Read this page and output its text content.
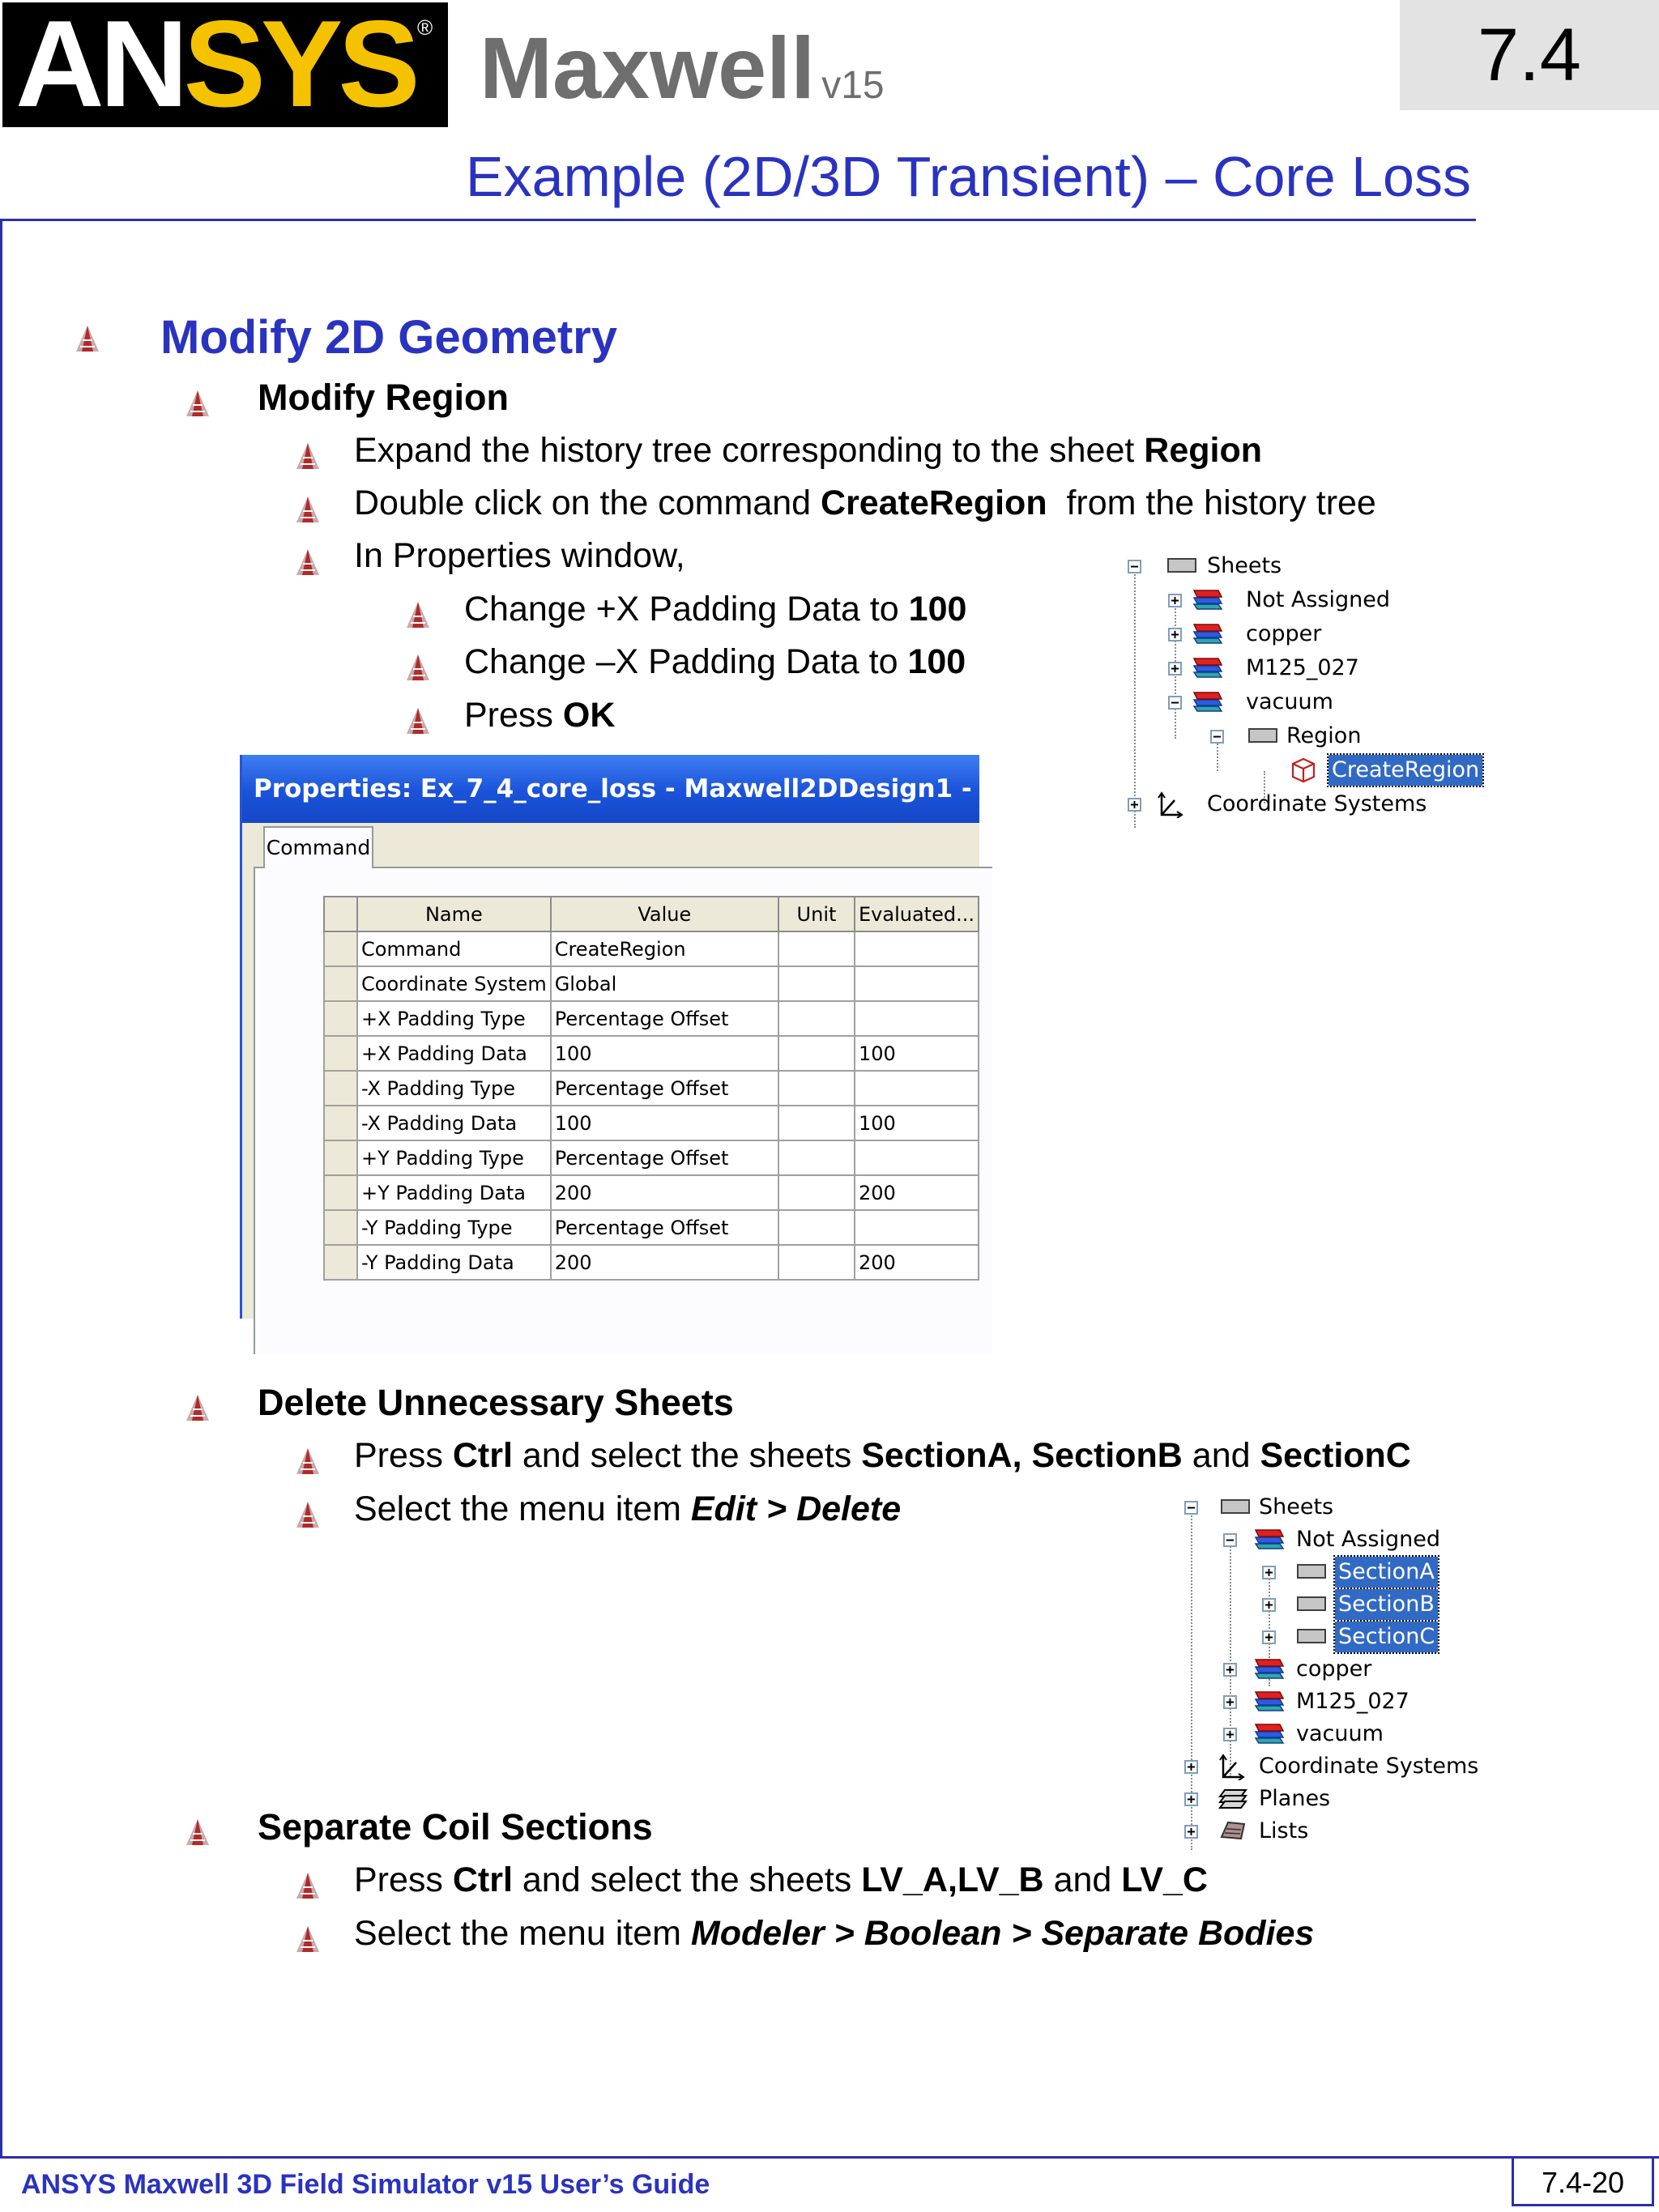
ANSYS ® Maxwell v15	7.4
Example (2D/3D Transient) – Core Loss
Modify 2D Geometry
Modify Region
Expand the history tree corresponding to the sheet Region
Double click on the command CreateRegion  from the history tree
In Properties window,
Change +X Padding Data to 100
Change –X Padding Data to 100
Press OK
Properties: Ex_7_4_core_loss - Maxwell2DDesign1 - Modeler
Command
	Name	Value	Unit	Evaluated...
	Command	CreateRegion		
	Coordinate System	Global		
	+X Padding Type	Percentage Offset		
	+X Padding Data	100		100
	-X Padding Type	Percentage Offset		
	-X Padding Data	100		100
	+Y Padding Type	Percentage Offset		
	+Y Padding Data	200		200
	-Y Padding Type	Percentage Offset		
	-Y Padding Data	200		200
−	Sheets
+	Not Assigned
+	copper
+	M125_027
−	vacuum
−	Region
CreateRegion
+	Coordinate Systems
Delete Unnecessary Sheets
Press Ctrl and select the sheets SectionA, SectionB and SectionC
Select the menu item Edit > Delete	−	Sheets
−	Not Assigned
+	SectionA
+	SectionB
+	SectionC
+	copper
+	M125_027
+	vacuum
+	Coordinate Systems
+	Planes
+	Lists
Separate Coil Sections
Press Ctrl and select the sheets LV_A,LV_B and LV_C
Select the menu item Modeler > Boolean > Separate Bodies
ANSYS Maxwell 3D Field Simulator v15 User’s Guide	7.4-20
